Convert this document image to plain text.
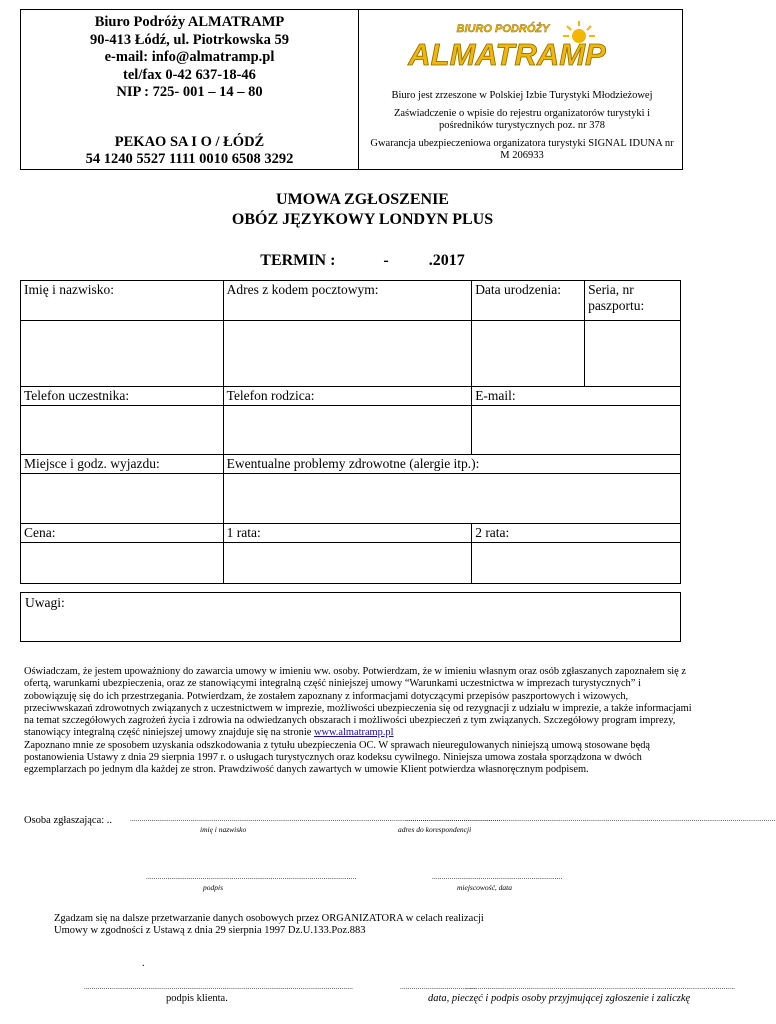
Biuro Podróży ALMATRAMP
90-413 Łódź, ul. Piotrkowska 59
e-mail: info@almatramp.pl
tel/fax 0-42 637-18-46
NIP : 725- 001 – 14 – 80
PEKAO SA I O / ŁÓDŹ
54 1240 5527 1111 0010 6508 3292
BIURO PODRÓŻY
ALMATRAMP

Biuro jest zrzeszone w Polskiej Izbie Turystyki Młodzieżowej

Zaświadczenie o wpisie do rejestru organizatorów turystyki i pośredników turystycznych poz. nr 378

Gwarancja ubezpieczeniowa organizatora turystyki SIGNAL IDUNA nr M 206933

UMOWA ZGŁOSZENIE
OBÓZ JĘZYKOWY LONDYN PLUS
TERMIN :            -          .2017
Imię i nazwisko:	Adres z kodem pocztowym:	Data urodzenia:	Seria, nr paszportu:

Telefon uczestnika:	Telefon rodzica:	E-mail:	

Miejsce i godz. wyjazdu:	Ewentualne problemy zdrowotne (alergie itp.):		

Cena:	1 rata:	2 rata:	

Uwagi:

Oświadczam, że jestem upoważniony do zawarcia umowy w imieniu ww. osoby. Potwierdzam, że w imieniu własnym oraz osób zgłaszanych zapoznałem się z ofertą, warunkami ubezpieczenia, oraz ze stanowiącymi integralną część niniejszej umowy “Warunkami uczestnictwa w imprezach turystycznych” i zobowiązuję się do ich przestrzegania. Potwierdzam, że zostałem zapoznany z informacjami dotyczącymi przepisów paszportowych i wizowych, przeciwwskazań zdrowotnych związanych z uczestnictwem w imprezie, możliwości ubezpieczenia się od rezygnacji z udziału w imprezie, a także informacjami na temat szczegółowych zagrożeń życia i zdrowia na odwiedzanych obszarach i możliwości ubezpieczeń z tym związanych. Szczegółowy program imprezy, stanowiący integralną część niniejszej umowy znajduje się na stronie www.almatramp.pl

Zapoznano mnie ze sposobem uzyskania odszkodowania z tytułu ubezpieczenia OC. W sprawach nieuregulowanych niniejszą umową stosowane będą postanowienia Ustawy z dnia 29 sierpnia 1997 r. o usługach turystycznych oraz kodeksu cywilnego. Niniejsza umowa została sporządzona w dwóch egzemplarzach po jednym dla każdej ze stron. Prawdziwość danych zawartych w umowie Klient potwierdza własnoręcznym podpisem.

Osoba zgłaszająca: ..	..............................................................................................................................................................................................
..............................................................................................................................................................................................
imię i nazwisko	adres do korespondencji
............................................................................................................	...................................................................
podpis	miejscowość, data
Zgadzam się na dalsze przetwarzanie danych osobowych przez ORGANIZATORA w celach realizacji
Umowy w zgodności z Ustawą z dnia 29 sierpnia 1997 Dz.U.133.Poz.883
.
..........................................................................................................................................	.......................................
..........................................................................................................................................
podpis klienta.	data, pieczęć i podpis osoby przyjmującej zgłoszenie i zaliczkę
